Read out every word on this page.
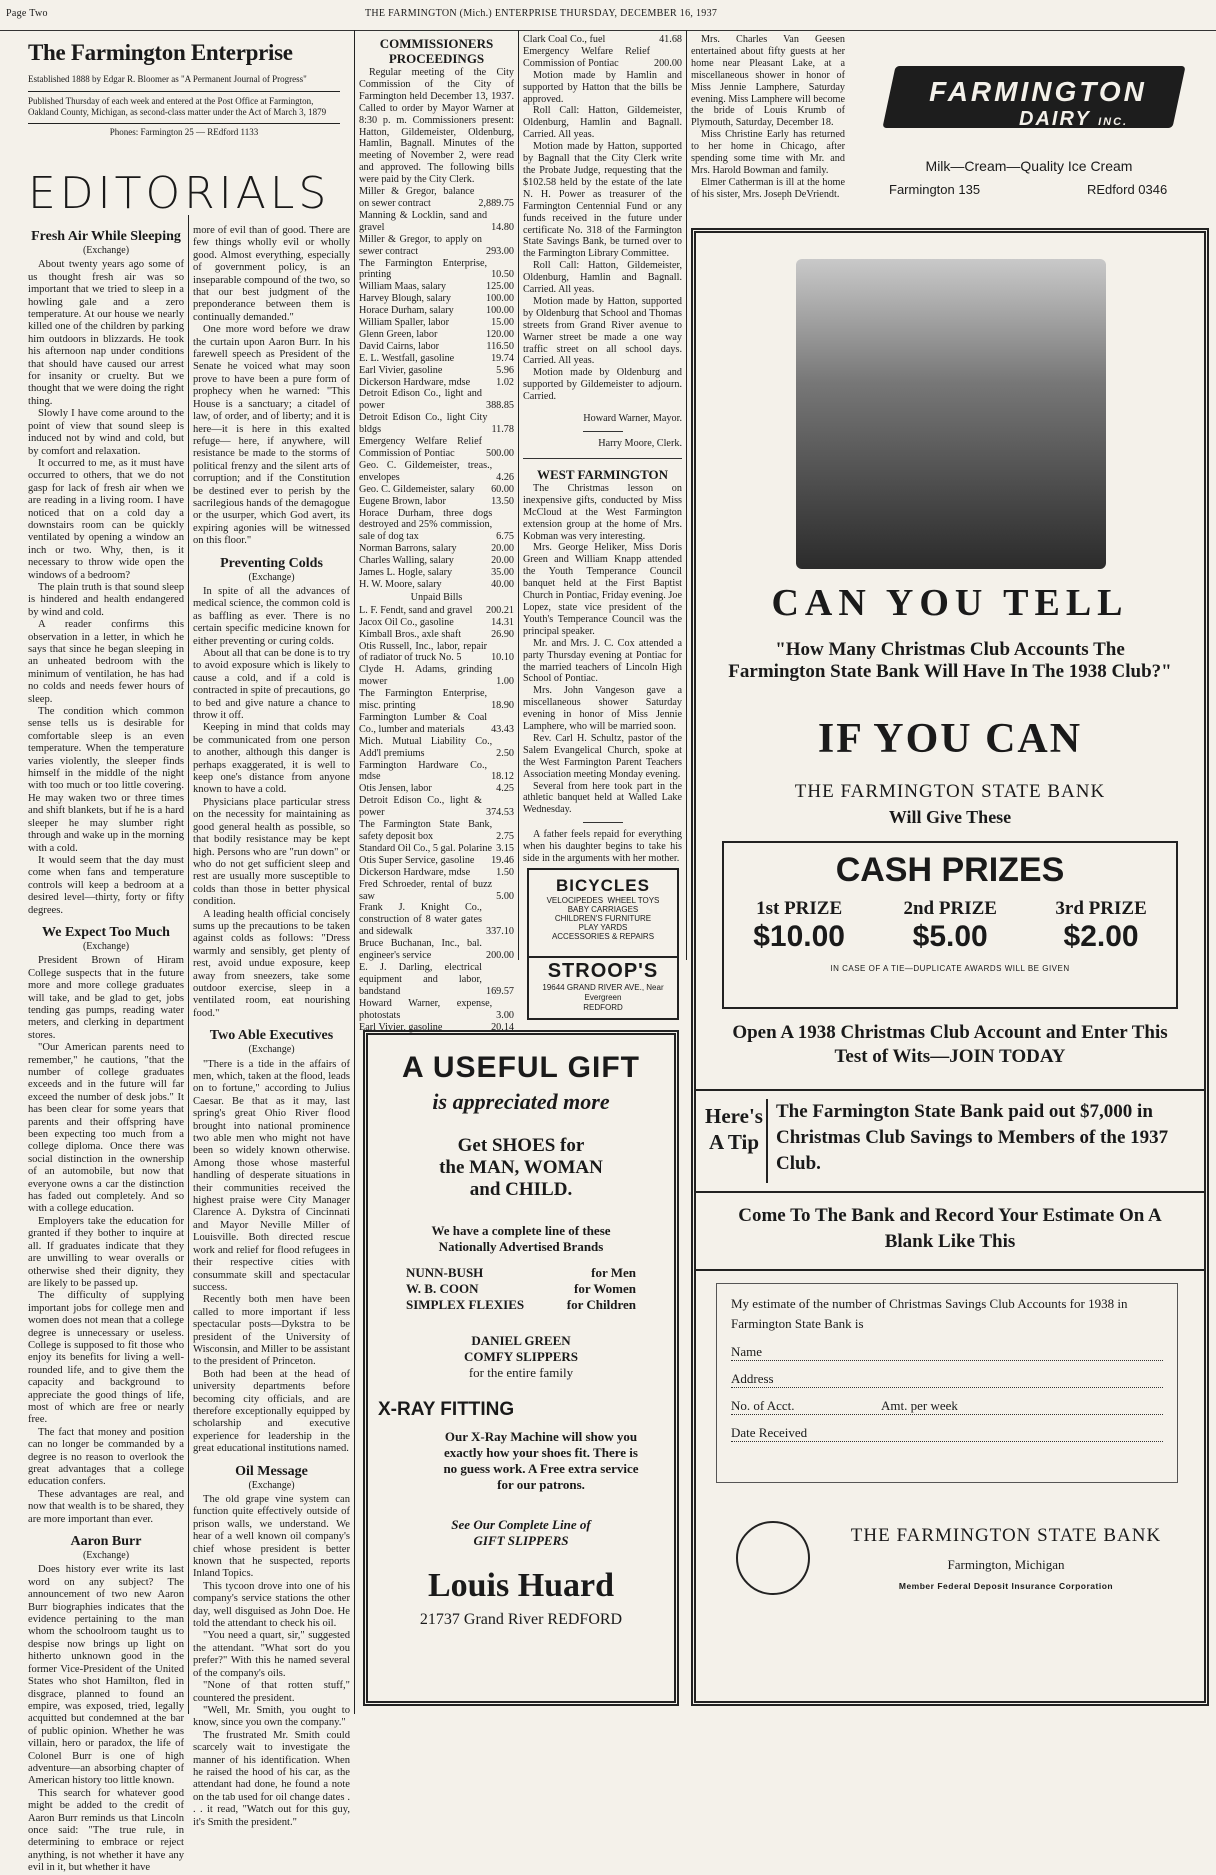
Page Two	THE FARMINGTON (Mich.) ENTERPRISE THURSDAY, DECEMBER 16, 1937
The Farmington Enterprise
Established 1888 by Edgar R. Bloomer as "A Permanent Journal of Progress"
Published Thursday of each week and entered at the Post Office at Farmington, Oakland County, Michigan, as second-class matter under the Act of March 3, 1879
Phones: Farmington 25 — REdford 1133
EDITORIALS
Fresh Air While Sleeping
(Exchange)

About twenty years ago some of us thought fresh air was so important that we tried to sleep in a howling gale and a zero temperature. At our house we nearly killed one of the children by parking him outdoors in blizzards. He took his afternoon nap under conditions that should have caused our arrest for insanity or cruelty. But we thought that we were doing the right thing.

Slowly I have come around to the point of view that sound sleep is induced not by wind and cold, but by comfort and relaxation.

It occurred to me, as it must have occurred to others, that we do not gasp for lack of fresh air when we are reading in a living room. I have noticed that on a cold day a downstairs room can be quickly ventilated by opening a window an inch or two. Why, then, is it necessary to throw wide open the windows of a bedroom?

The plain truth is that sound sleep is hindered and health endangered by wind and cold.

A reader confirms this observation in a letter, in which he says that since he began sleeping in an unheated bedroom with the minimum of ventilation, he has had no colds and needs fewer hours of sleep.

The condition which common sense tells us is desirable for comfortable sleep is an even temperature. When the temperature varies violently, the sleeper finds himself in the middle of the night with too much or too little covering. He may waken two or three times and shift blankets, but if he is a hard sleeper he may slumber right through and wake up in the morning with a cold.

It would seem that the day must come when fans and temperature controls will keep a bedroom at a desired level—thirty, forty or fifty degrees.

We Expect Too Much
(Exchange)

President Brown of Hiram College suspects that in the future more and more college graduates will take, and be glad to get, jobs tending gas pumps, reading water meters, and clerking in department stores.

"Our American parents need to remember," he cautions, "that the number of college graduates exceeds and in the future will far exceed the number of desk jobs." It has been clear for some years that parents and their offspring have been expecting too much from a college diploma. Once there was social distinction in the ownership of an automobile, but now that everyone owns a car the distinction has faded out completely. And so with a college education.

Employers take the education for granted if they bother to inquire at all. If graduates indicate that they are unwilling to wear overalls or otherwise shed their dignity, they are likely to be passed up.

The difficulty of supplying important jobs for college men and women does not mean that a college degree is unnecessary or useless. College is supposed to fit those who enjoy its benefits for living a well-rounded life, and to give them the capacity and background to appreciate the good things of life, most of which are free or nearly free.

The fact that money and position can no longer be commanded by a degree is no reason to overlook the great advantages that a college education confers.

These advantages are real, and now that wealth is to be shared, they are more important than ever.

Aaron Burr
(Exchange)

Does history ever write its last word on any subject? The announcement of two new Aaron Burr biographies indicates that the evidence pertaining to the man whom the schoolroom taught us to despise now brings up light on hitherto unknown good in the former Vice-President of the United States who shot Hamilton, fled in disgrace, planned to found an empire, was exposed, tried, legally acquitted but condemned at the bar of public opinion. Whether he was villain, hero or paradox, the life of Colonel Burr is one of high adventure—an absorbing chapter of American history too little known.

This search for whatever good might be added to the credit of Aaron Burr reminds us that Lincoln once said: "The true rule, in determining to embrace or reject anything, is not whether it have any evil in it, but whether it have

more of evil than of good. There are few things wholly evil or wholly good. Almost everything, especially of government policy, is an inseparable compound of the two, so that our best judgment of the preponderance between them is continually demanded."

One more word before we draw the curtain upon Aaron Burr. In his farewell speech as President of the Senate he voiced what may soon prove to have been a pure form of prophecy when he warned: "This House is a sanctuary; a citadel of law, of order, and of liberty; and it is here—it is here in this exalted refuge— here, if anywhere, will resistance be made to the storms of political frenzy and the silent arts of corruption; and if the Constitution be destined ever to perish by the sacrilegious hands of the demagogue or the usurper, which God avert, its expiring agonies will be witnessed on this floor."

Preventing Colds
(Exchange)

In spite of all the advances of medical science, the common cold is as baffling as ever. There is no certain specific medicine known for either preventing or curing colds.

About all that can be done is to try to avoid exposure which is likely to cause a cold, and if a cold is contracted in spite of precautions, go to bed and give nature a chance to throw it off.

Keeping in mind that colds may be communicated from one person to another, although this danger is perhaps exaggerated, it is well to keep one's distance from anyone known to have a cold.

Physicians place particular stress on the necessity for maintaining as good general health as possible, so that bodily resistance may be kept high. Persons who are "run down" or who do not get sufficient sleep and rest are usually more susceptible to colds than those in better physical condition.

A leading health official concisely sums up the precautions to be taken against colds as follows: "Dress warmly and sensibly, get plenty of rest, avoid undue exposure, keep away from sneezers, take some outdoor exercise, sleep in a ventilated room, eat nourishing food."

Two Able Executives
(Exchange)

"There is a tide in the affairs of men, which, taken at the flood, leads on to fortune," according to Julius Caesar. Be that as it may, last spring's great Ohio River flood brought into national prominence two able men who might not have been so widely known otherwise. Among those whose masterful handling of desperate situations in their communities received the highest praise were City Manager Clarence A. Dykstra of Cincinnati and Mayor Neville Miller of Louisville. Both directed rescue work and relief for flood refugees in their respective cities with consummate skill and spectacular success.

Recently both men have been called to more important if less spectacular posts—Dykstra to be president of the University of Wisconsin, and Miller to be assistant to the president of Princeton.

Both had been at the head of university departments before becoming city officials, and are therefore exceptionally equipped by scholarship and executive experience for leadership in the great educational institutions named.

Oil Message
(Exchange)

The old grape vine system can function quite effectively outside of prison walls, we understand. We hear of a well known oil company's chief whose president is better known that he suspected, reports Inland Topics.

This tycoon drove into one of his company's service stations the other day, well disguised as John Doe. He told the attendant to check his oil.

"You need a quart, sir," suggested the attendant. "What sort do you prefer?" With this he named several of the company's oils.

"None of that rotten stuff," countered the president.

"Well, Mr. Smith, you ought to know, since you own the company."

The frustrated Mr. Smith could scarcely wait to investigate the manner of his identification. When he raised the hood of his car, as the attendant had done, he found a note on the tab used for oil change dates . . . it read, "Watch out for this guy, it's Smith the president."

COMMISSIONERS PROCEEDINGS

Regular meeting of the City Commission of the City of Farmington held December 13, 1937. Called to order by Mayor Warner at 8:30 p. m. Commissioners present: Hatton, Gildemeister, Oldenburg, Hamlin, Bagnall. Minutes of the meeting of November 2, were read and approved. The following bills were paid by the City Clerk.

Miller & Gregor, balance on sewer contract	2,889.75
Manning & Locklin, sand and gravel	14.80
Miller & Gregor, to apply on sewer contract	293.00
The Farmington Enterprise, printing	10.50
William Maas, salary	125.00
Harvey Blough, salary	100.00
Horace Durham, salary	100.00
William Spaller, labor	15.00
Glenn Green, labor	120.00
David Cairns, labor	116.50
E. L. Westfall, gasoline	19.74
Earl Vivier, gasoline	5.96
Dickerson Hardware, mdse	1.02
Detroit Edison Co., light and power	388.85
Detroit Edison Co., light City bldgs	11.78
Emergency Welfare Relief Commission of Pontiac	500.00
Geo. C. Gildemeister, treas., envelopes	4.26
Geo. C. Gildemeister, salary	60.00
Eugene Brown, labor	13.50
Horace Durham, three dogs destroyed and 25% commission, sale of dog tax	6.75
Norman Barrons, salary	20.00
Charles Walling, salary	20.00
James L. Hogle, salary	35.00
H. W. Moore, salary	40.00
Unpaid Bills
L. F. Fendt, sand and gravel	200.21
Jacox Oil Co., gasoline	14.31
Kimball Bros., axle shaft	26.90
Otis Russell, Inc., labor, repair of radiator of truck No. 5	10.10
Clyde H. Adams, grinding mower	1.00
The Farmington Enterprise, misc. printing	18.90
Farmington Lumber & Coal Co., lumber and materials	43.43
Mich. Mutual Liability Co., Add'l premiums	2.50
Farmington Hardware Co., mdse	18.12
Otis Jensen, labor	4.25
Detroit Edison Co., light & power	374.53
The Farmington State Bank, safety deposit box	2.75
Standard Oil Co., 5 gal. Polarine 3.15
Otis Super Service, gasoline	19.46
Dickerson Hardware, mdse	1.50
Fred Schroeder, rental of buzz saw	5.00
Frank J. Knight Co., construction of 8 water gates and sidewalk	337.10
Bruce Buchanan, Inc., bal. engineer's service	200.00
E. J. Darling, electrical equipment and labor, bandstand	169.57
Howard Warner, expense, photostats	3.00
Earl Vivier, gasoline	20.14
Clark Coal Co., fuel	41.68
Emergency Welfare Relief Commission of Pontiac	200.00

Motion made by Hamlin and supported by Hatton that the bills be approved.

Roll Call: Hatton, Gildemeister, Oldenburg, Hamlin and Bagnall. Carried. All yeas.

Motion made by Hatton, supported by Bagnall that the City Clerk write the Probate Judge, requesting that the $102.58 held by the estate of the late N. H. Power as treasurer of the Farmington Centennial Fund or any funds received in the future under certificate No. 318 of the Farmington State Savings Bank, be turned over to the Farmington Library Committee.

Roll Call: Hatton, Gildemeister, Oldenburg, Hamlin and Bagnall. Carried. All yeas.

Motion made by Hatton, supported by Oldenburg that School and Thomas streets from Grand River avenue to Warner street be made a one way traffic street on all school days. Carried. All yeas.

Motion made by Oldenburg and supported by Gildemeister to adjourn. Carried.

Howard Warner, Mayor.
Harry Moore, Clerk.
WEST FARMINGTON

The Christmas lesson on inexpensive gifts, conducted by Miss McCloud at the West Farmington extension group at the home of Mrs. Kobman was very interesting.

Mrs. George Heliker, Miss Doris Green and William Knapp attended the Youth Temperance Council banquet held at the First Baptist Church in Pontiac, Friday evening. Joe Lopez, state vice president of the Youth's Temperance Council was the principal speaker.

Mr. and Mrs. J. C. Cox attended a party Thursday evening at Pontiac for the married teachers of Lincoln High School of Pontiac.

Mrs. John Vangeson gave a miscellaneous shower Saturday evening in honor of Miss Jennie Lamphere, who will be married soon.

Rev. Carl H. Schultz, pastor of the Salem Evangelical Church, spoke at the West Farmington Parent Teachers Association meeting Monday evening.

Several from here took part in the athletic banquet held at Walled Lake Wednesday.

A father feels repaid for everything when his daughter begins to take his side in the arguments with her mother.

BICYCLES
VELOCIPEDES WHEEL TOYS
BABY CARRIAGES
CHILDREN'S FURNITURE
PLAY YARDS
ACCESSORIES & REPAIRS
STROOP'S
19644 GRAND RIVER AVE., Near Evergreen
REDFORD

Mrs. Charles Van Geesen entertained about fifty guests at her home near Pleasant Lake, at a miscellaneous shower in honor of Miss Jennie Lamphere, Saturday evening. Miss Lamphere will become the bride of Louis Krumb of Plymouth, Saturday, December 18.

Miss Christine Early has returned to her home in Chicago, after spending some time with Mr. and Mrs. Harold Bowman and family.

Elmer Catherman is ill at the home of his sister, Mrs. Joseph DeVriendt.

FARMINGTON
DAIRY INC.
Milk—Cream—Quality Ice Cream
Farmington 135	REdford 0346
A USEFUL GIFT
is appreciated more
Get SHOES for
the MAN, WOMAN
and CHILD.
We have a complete line of these Nationally Advertised Brands
NUNN-BUSH	for Men
W. B. COON	for Women
SIMPLEX FLEXIES	for Children
DANIEL GREEN
COMFY SLIPPERS
for the entire family
X-RAY FITTING
Our X-Ray Machine will show you exactly how your shoes fit. There is no guess work. A Free extra service for our patrons.
See Our Complete Line of GIFT SLIPPERS
Louis Huard
21737 Grand River REDFORD
CAN YOU TELL
"How Many Christmas Club Accounts The Farmington State Bank Will Have In The 1938 Club?"
IF YOU CAN
THE FARMINGTON STATE BANK
Will Give These
CASH PRIZES
1st PRIZE
$10.00
2nd PRIZE
$5.00
3rd PRIZE
$2.00
IN CASE OF A TIE—DUPLICATE AWARDS WILL BE GIVEN
Open A 1938 Christmas Club Account and Enter This Test of Wits—JOIN TODAY
Here's A Tip
The Farmington State Bank paid out $7,000 in Christmas Club Savings to Members of the 1937 Club.
Come To The Bank and Record Your Estimate On A Blank Like This
My estimate of the number of Christmas Savings Club Accounts for 1938 in Farmington State Bank is
Name
Address
No. of Acct.	Amt. per week
Date Received
THE FARMINGTON STATE BANK
Farmington, Michigan
Member Federal Deposit Insurance Corporation
